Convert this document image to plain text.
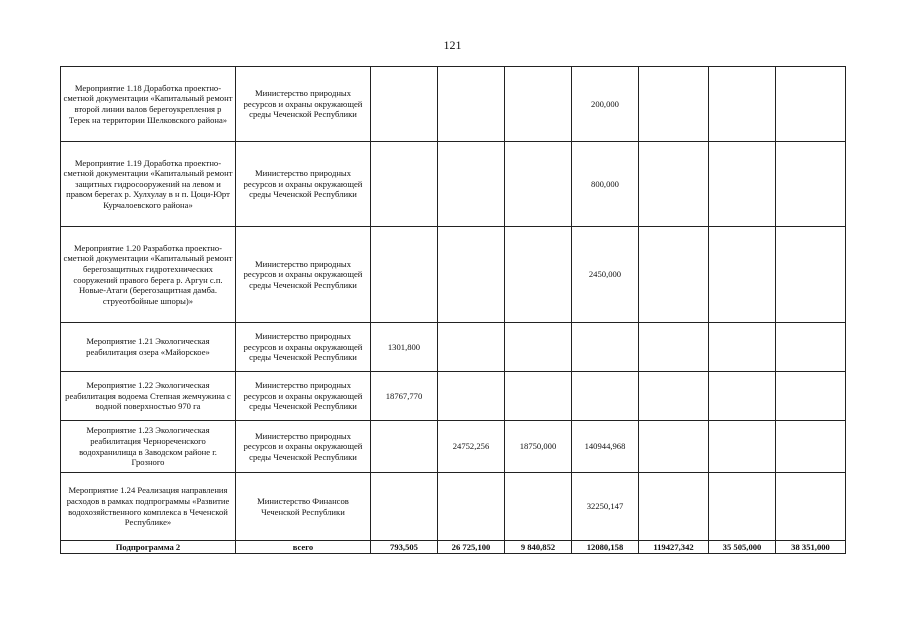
121
Мероприятие 1.18 Доработка проектно-сметной документации «Капитальный ремонт второй линии валов берегоукрепления р Терек на территории Шелковского района»	Министерство природных ресурсов и охраны окружающей среды Чеченской Республики				200,000			
Мероприятие 1.19 Доработка проектно-сметной документации «Капитальный ремонт защитных гидросооружений на левом и правом берегах р. Хулхулау в н п. Цоци-Юрт Курчалоевского района»	Министерство природных ресурсов и охраны окружающей среды Чеченской Республики				800,000			
Мероприятие 1.20 Разработка проектно-сметной документации «Капитальный ремонт берегозащитных гидротехнических сооружений правого берега р. Аргун с.п. Новые-Атаги (берегозащитная дамба. струеотбойные шпоры)»	Министерство природных ресурсов и охраны окружающей среды Чеченской Республики				2450,000			
Мероприятие 1.21 Экологическая реабилитация озера «Майорское»	Министерство природных ресурсов и охраны окружающей среды Чеченской Республики	1301,800						
Мероприятие 1.22 Экологическая реабилитация водоема Степная жемчужина с водной поверхностью 970 га	Министерство природных ресурсов и охраны окружающей среды Чеченской Республики	18767,770						
Мероприятие 1.23 Экологическая реабилитация Чернореченского водохранилища в Заводском районе г. Грозного	Министерство природных ресурсов и охраны окружающей среды Чеченской Республики		24752,256	18750,000	140944,968			
Мероприятие 1.24 Реализация направления расходов в рамках подпрограммы «Развитие водохозяйственного комплекса в Чеченской Республике»	Министерство Финансов Чеченской Республики				32250,147			
Подпрограмма 2	всего	793,505	26 725,100	9 840,852	12080,158	119427,342	35 505,000	38 351,000
